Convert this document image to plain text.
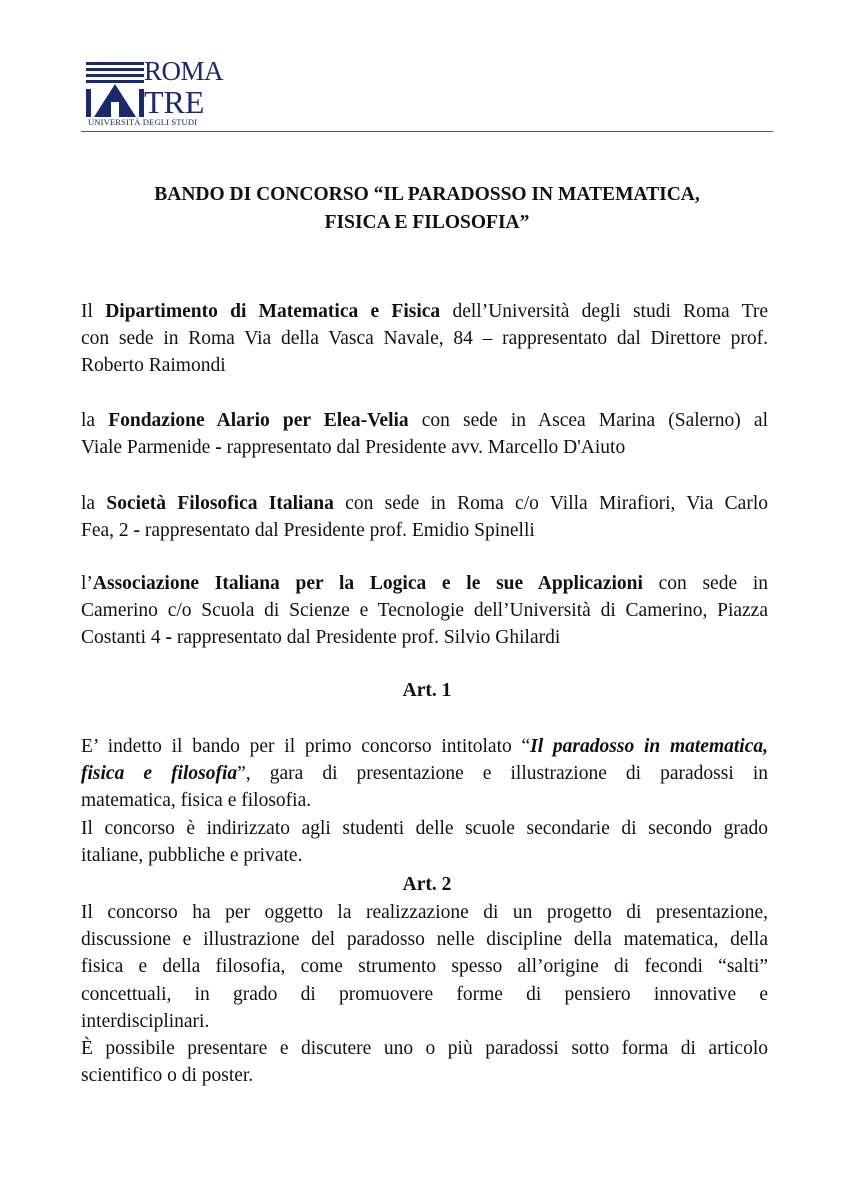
ROMA
TRE
UNIVERSITÀ DEGLI STUDI
BANDO DI CONCORSO “IL PARADOSSO IN MATEMATICA,
FISICA E FILOSOFIA”
Il Dipartimento di Matematica e Fisica dell’Università degli studi Roma Tre
con sede in Roma Via della Vasca Navale, 84 – rappresentato dal Direttore prof.
Roberto Raimondi
la Fondazione Alario per Elea-Velia con sede in Ascea Marina (Salerno) al
Viale Parmenide - rappresentato dal Presidente avv. Marcello D'Aiuto
la Società Filosofica Italiana con sede in Roma c/o Villa Mirafiori, Via Carlo
Fea, 2 - rappresentato dal Presidente prof. Emidio Spinelli
l’Associazione Italiana per la Logica e le sue Applicazioni con sede in
Camerino c/o Scuola di Scienze e Tecnologie dell’Università di Camerino, Piazza
Costanti 4 - rappresentato dal Presidente prof. Silvio Ghilardi
Art. 1
E’ indetto il bando per il primo concorso intitolato “Il paradosso in matematica,
fisica e filosofia”, gara di presentazione e illustrazione di paradossi in
matematica, fisica e filosofia.
Il concorso è indirizzato agli studenti delle scuole secondarie di secondo grado
italiane, pubbliche e private.
Art. 2
Il concorso ha per oggetto la realizzazione di un progetto di presentazione,
discussione e illustrazione del paradosso nelle discipline della matematica, della
fisica e della filosofia, come strumento spesso all’origine di fecondi “salti”
concettuali, in grado di promuovere forme di pensiero innovative e
interdisciplinari.
È possibile presentare e discutere uno o più paradossi sotto forma di articolo
scientifico o di poster.
